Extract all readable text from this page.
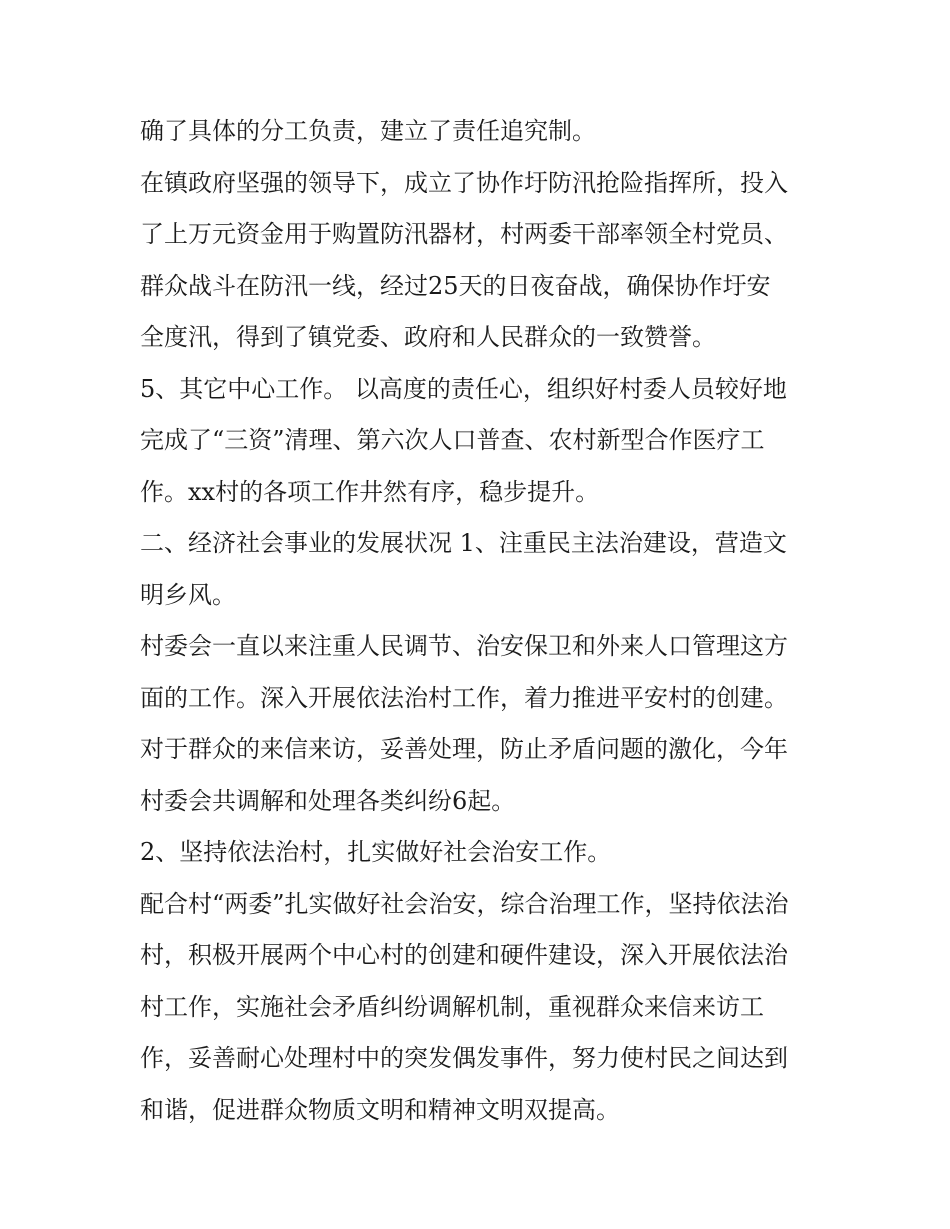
确了具体的分工负责，建立了责任追究制。
在镇政府坚强的领导下，成立了协作圩防汛抢险指挥所，投入
了上万元资金用于购置防汛器材，村两委干部率领全村党员、
群众战斗在防汛一线，经过25天的日夜奋战，确保协作圩安
全度汛，得到了镇党委、政府和人民群众的一致赞誉。
5、其它中心工作。 以高度的责任心，组织好村委人员较好地
完成了“三资”清理、第六次人口普查、农村新型合作医疗工
作。xx村的各项工作井然有序，稳步提升。
二、经济社会事业的发展状况 1、注重民主法治建设，营造文
明乡风。
村委会一直以来注重人民调节、治安保卫和外来人口管理这方
面的工作。深入开展依法治村工作，着力推进平安村的创建。
对于群众的来信来访，妥善处理，防止矛盾问题的激化，今年
村委会共调解和处理各类纠纷6起。
2、坚持依法治村，扎实做好社会治安工作。
配合村“两委”扎实做好社会治安，综合治理工作，坚持依法治
村，积极开展两个中心村的创建和硬件建设，深入开展依法治
村工作，实施社会矛盾纠纷调解机制，重视群众来信来访工
作，妥善耐心处理村中的突发偶发事件，努力使村民之间达到
和谐，促进群众物质文明和精神文明双提高。
